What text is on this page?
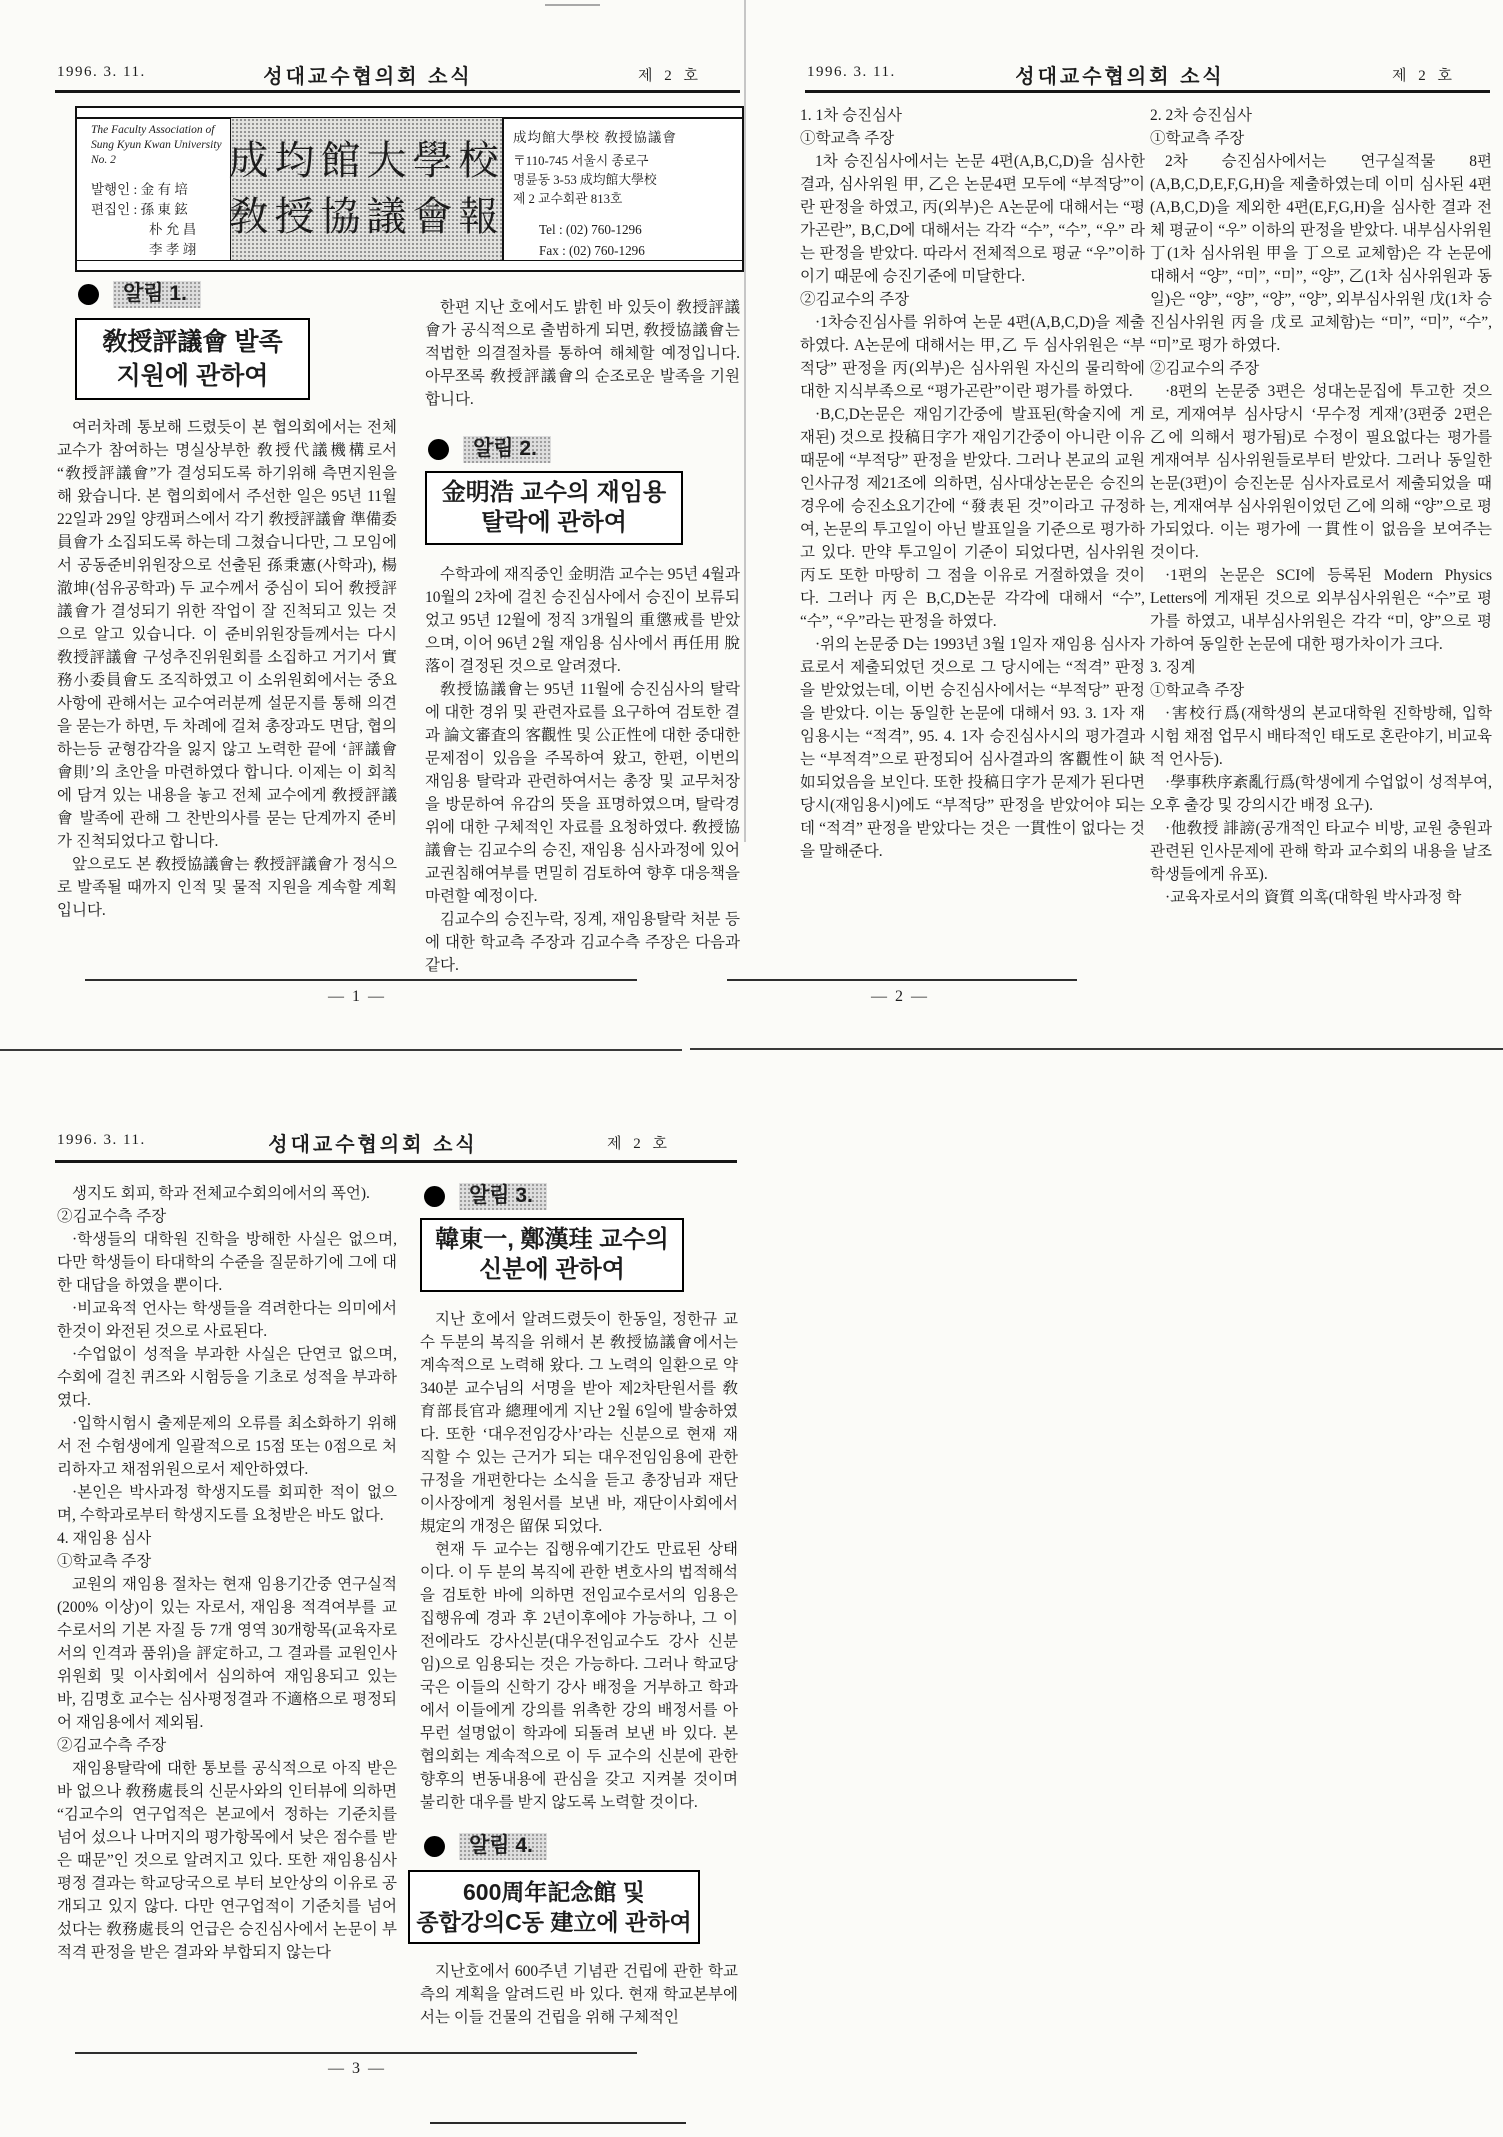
1996. 3. 11.	성대교수협의회 소식	제 2 호
The Faculty Association of
Sung Kyun Kwan University
No. 2
발행인 : 金 有 培
편집인 : 孫 東 鉉
朴 允 昌
李 孝 翊
成均館大學校
敎授協議會報
成均館大學校 敎授協議會
〒110-745 서울시 종로구
명륜동 3-53 成均館大學校
제 2 교수회관 813호
Tel : (02) 760-1296
Fax : (02) 760-1296
알림 1.
敎授評議會 발족
지원에 관하여
여러차례 통보해 드렸듯이 본 협의회에서는 전체 교수가 참여하는 명실상부한 敎授代議機構로서 “敎授評議會”가 결성되도록 하기위해 측면지원을 해 왔습니다. 본 협의회에서 주선한 일은 95년 11월 22일과 29일 양캠퍼스에서 각기 敎授評議會 準備委員會가 소집되도록 하는데 그쳤습니다만, 그 모임에서 공동준비위원장으로 선출된 孫秉憲(사학과), 楊澈坤(섬유공학과) 두 교수께서 중심이 되어 敎授評議會가 결성되기 위한 작업이 잘 진척되고 있는 것으로 알고 있습니다. 이 준비위원장들께서는 다시 敎授評議會 구성추진위원회를 소집하고 거기서 實務小委員會도 조직하였고 이 소위원회에서는 중요사항에 관해서는 교수여러분께 설문지를 통해 의견을 묻는가 하면, 두 차례에 걸쳐 총장과도 면담, 협의하는등 균형감각을 잃지 않고 노력한 끝에 ‘評議會會則’의 초안을 마련하였다 합니다. 이제는 이 회칙에 담겨 있는 내용을 놓고 전체 교수에게 敎授評議會 발족에 관해 그 찬반의사를 묻는 단계까지 준비가 진척되었다고 합니다.
앞으로도 본 敎授協議會는 敎授評議會가 정식으로 발족될 때까지 인적 및 물적 지원을 계속할 계획입니다.
한편 지난 호에서도 밝힌 바 있듯이 敎授評議會가 공식적으로 출범하게 되면, 敎授協議會는 적법한 의결절차를 통하여 해체할 예정입니다. 아무쪼록 敎授評議會의 순조로운 발족을 기원합니다.
알림 2.
金明浩 교수의 재임용
탈락에 관하여
수학과에 재직중인 金明浩 교수는 95년 4월과 10월의 2차에 걸친 승진심사에서 승진이 보류되었고 95년 12월에 정직 3개월의 重懲戒를 받았으며, 이어 96년 2월 재임용 심사에서 再任用 脫落이 결정된 것으로 알려졌다.
敎授協議會는 95년 11월에 승진심사의 탈락에 대한 경위 및 관련자료를 요구하여 검토한 결과 論文審査의 客觀性 및 公正性에 대한 중대한 문제점이 있음을 주목하여 왔고, 한편, 이번의 재임용 탈락과 관련하여서는 총장 및 교무처장을 방문하여 유감의 뜻을 표명하였으며, 탈락경위에 대한 구체적인 자료를 요청하였다. 敎授協議會는 김교수의 승진, 재임용 심사과정에 있어 교권침해여부를 면밀히 검토하여 향후 대응책을 마련할 예정이다.
김교수의 승진누락, 징계, 재임용탈락 처분 등에 대한 학교측 주장과 김교수측 주장은 다음과 같다.
— 1 —
1996. 3. 11.	성대교수협의회 소식	제 2 호
1. 1차 승진심사
①학교측 주장
1차 승진심사에서는 논문 4편(A,B,C,D)을 심사한 결과, 심사위원 甲, 乙은 논문4편 모두에 “부적당”이란 판정을 하였고, 丙(외부)은 A논문에 대해서는 “평가곤란”, B,C,D에 대해서는 각각 “수”, “수”, “우” 라는 판정을 받았다. 따라서 전체적으로 평균 “우”이하이기 때문에 승진기준에 미달한다.
②김교수의 주장
·1차승진심사를 위하여 논문 4편(A,B,C,D)을 제출하였다. A논문에 대해서는 甲,乙 두 심사위원은 “부적당” 판정을 丙(외부)은 심사위원 자신의 물리학에 대한 지식부족으로 “평가곤란”이란 평가를 하였다.
·B,C,D논문은 재임기간중에 발표된(학술지에 게재된) 것으로 投稿日字가 재임기간중이 아니란 이유 때문에 “부적당” 판정을 받았다. 그러나 본교의 교원인사규정 제21조에 의하면, 심사대상논문은 승진의 경우에 승진소요기간에 “發表된 것”이라고 규정하여, 논문의 투고일이 아닌 발표일을 기준으로 평가하고 있다. 만약 투고일이 기준이 되었다면, 심사위원 丙도 또한 마땅히 그 점을 이유로 거절하였을 것이다. 그러나 丙은 B,C,D논문 각각에 대해서 “수”, “수”, “우”라는 판정을 하였다.
·위의 논문중 D는 1993년 3월 1일자 재임용 심사자료로서 제출되었던 것으로 그 당시에는 “적격” 판정을 받았었는데, 이번 승진심사에서는 “부적당” 판정을 받았다. 이는 동일한 논문에 대해서 93. 3. 1자 재임용시는 “적격”, 95. 4. 1자 승진심사시의 평가결과는 “부적격”으로 판정되어 심사결과의 客觀性이 缺如되었음을 보인다. 또한 投稿日字가 문제가 된다면 당시(재임용시)에도 “부적당” 판정을 받았어야 되는데 “적격” 판정을 받았다는 것은 一貫性이 없다는 것을 말해준다.
2. 2차 승진심사
①학교측 주장
2차 승진심사에서는 연구실적물 8편(A,B,C,D,E,F,G,H)을 제출하였는데 이미 심사된 4편(A,B,C,D)을 제외한 4편(E,F,G,H)을 심사한 결과 전체 평균이 “우” 이하의 판정을 받았다. 내부심사위원 丁(1차 심사위원 甲을 丁으로 교체함)은 각 논문에 대해서 “양”, “미”, “미”, “양”, 乙(1차 심사위원과 동일)은 “양”, “양”, “양”, “양”, 외부심사위원 戊(1차 승진심사위원 丙을 戊로 교체함)는 “미”, “미”, “수”, “미”로 평가 하였다.
②김교수의 주장
·8편의 논문중 3편은 성대논문집에 투고한 것으로, 게재여부 심사당시 ‘무수정 게재’(3편중 2편은 乙에 의해서 평가됨)로 수정이 필요없다는 평가를 게재여부 심사위원들로부터 받았다. 그러나 동일한 논문(3편)이 승진논문 심사자료로서 제출되었을 때는, 게재여부 심사위원이었던 乙에 의해 “양”으로 평가되었다. 이는 평가에 一貫性이 없음을 보여주는 것이다.
·1편의 논문은 SCI에 등록된 Modern Physics Letters에 게재된 것으로 외부심사위원은 “수”로 평가를 하였고, 내부심사위원은 각각 “미, 양”으로 평가하여 동일한 논문에 대한 평가차이가 크다.
3. 징계
①학교측 주장
·害校行爲(재학생의 본교대학원 진학방해, 입학시험 채점 업무시 배타적인 태도로 혼란야기, 비교육적 언사등).
·學事秩序紊亂行爲(학생에게 수업없이 성적부여, 오후 출강 및 강의시간 배정 요구).
·他敎授 誹謗(공개적인 타교수 비방, 교원 충원과 관련된 인사문제에 관해 학과 교수회의 내용을 날조 학생들에게 유포).
·교육자로서의 資質 의혹(대학원 박사과정 학
— 2 —
1996. 3. 11.	성대교수협의회 소식	제 2 호
생지도 회피, 학과 전체교수회의에서의 폭언).
②김교수측 주장
·학생들의 대학원 진학을 방해한 사실은 없으며, 다만 학생들이 타대학의 수준을 질문하기에 그에 대한 대답을 하였을 뿐이다.
·비교육적 언사는 학생들을 격려한다는 의미에서 한것이 와전된 것으로 사료된다.
·수업없이 성적을 부과한 사실은 단연코 없으며, 수회에 걸친 퀴즈와 시험등을 기초로 성적을 부과하였다.
·입학시험시 출제문제의 오류를 최소화하기 위해서 전 수험생에게 일괄적으로 15점 또는 0점으로 처리하자고 채점위원으로서 제안하였다.
·본인은 박사과정 학생지도를 회피한 적이 없으며, 수학과로부터 학생지도를 요청받은 바도 없다.
4. 재임용 심사
①학교측 주장
교원의 재임용 절차는 현재 임용기간중 연구실적(200% 이상)이 있는 자로서, 재임용 적격여부를 교수로서의 기본 자질 등 7개 영역 30개항목(교육자로서의 인격과 품위)을 評定하고, 그 결과를 교원인사위원회 및 이사회에서 심의하여 재임용되고 있는 바, 김명호 교수는 심사평정결과 不適格으로 평정되어 재임용에서 제외됨.
②김교수측 주장
재임용탈락에 대한 통보를 공식적으로 아직 받은 바 없으나 敎務處長의 신문사와의 인터뷰에 의하면 “김교수의 연구업적은 본교에서 정하는 기준치를 넘어 섰으나 나머지의 평가항목에서 낮은 점수를 받은 때문”인 것으로 알려지고 있다. 또한 재임용심사평정 결과는 학교당국으로 부터 보안상의 이유로 공개되고 있지 않다. 다만 연구업적이 기준치를 넘어 섰다는 敎務處長의 언급은 승진심사에서 논문이 부적격 판정을 받은 결과와 부합되지 않는다
알림 3.
韓東一, 鄭漢珪 교수의
신분에 관하여
지난 호에서 알려드렸듯이 한동일, 정한규 교수 두분의 복직을 위해서 본 敎授協議會에서는 계속적으로 노력해 왔다. 그 노력의 일환으로 약 340분 교수님의 서명을 받아 제2차탄원서를 敎育部長官과 總理에게 지난 2월 6일에 발송하였다. 또한 ‘대우전임강사’라는 신분으로 현재 재직할 수 있는 근거가 되는 대우전임임용에 관한 규정을 개편한다는 소식을 듣고 총장님과 재단이사장에게 청원서를 보낸 바, 재단이사회에서 規定의 개정은 留保 되었다.
현재 두 교수는 집행유예기간도 만료된 상태이다. 이 두 분의 복직에 관한 변호사의 법적해석을 검토한 바에 의하면 전임교수로서의 임용은 집행유예 경과 후 2년이후에야 가능하나, 그 이전에라도 강사신분(대우전임교수도 강사 신분임)으로 임용되는 것은 가능하다. 그러나 학교당국은 이들의 신학기 강사 배정을 거부하고 학과에서 이들에게 강의를 위촉한 강의 배정서를 아무런 설명없이 학과에 되돌려 보낸 바 있다. 본 협의회는 계속적으로 이 두 교수의 신분에 관한 향후의 변동내용에 관심을 갖고 지켜볼 것이며 불리한 대우를 받지 않도록 노력할 것이다.
알림 4.
600周年記念館 및
종합강의C동 建立에 관하여
지난호에서 600주년 기념관 건립에 관한 학교측의 계획을 알려드린 바 있다. 현재 학교본부에서는 이들 건물의 건립을 위해 구체적인
— 3 —
